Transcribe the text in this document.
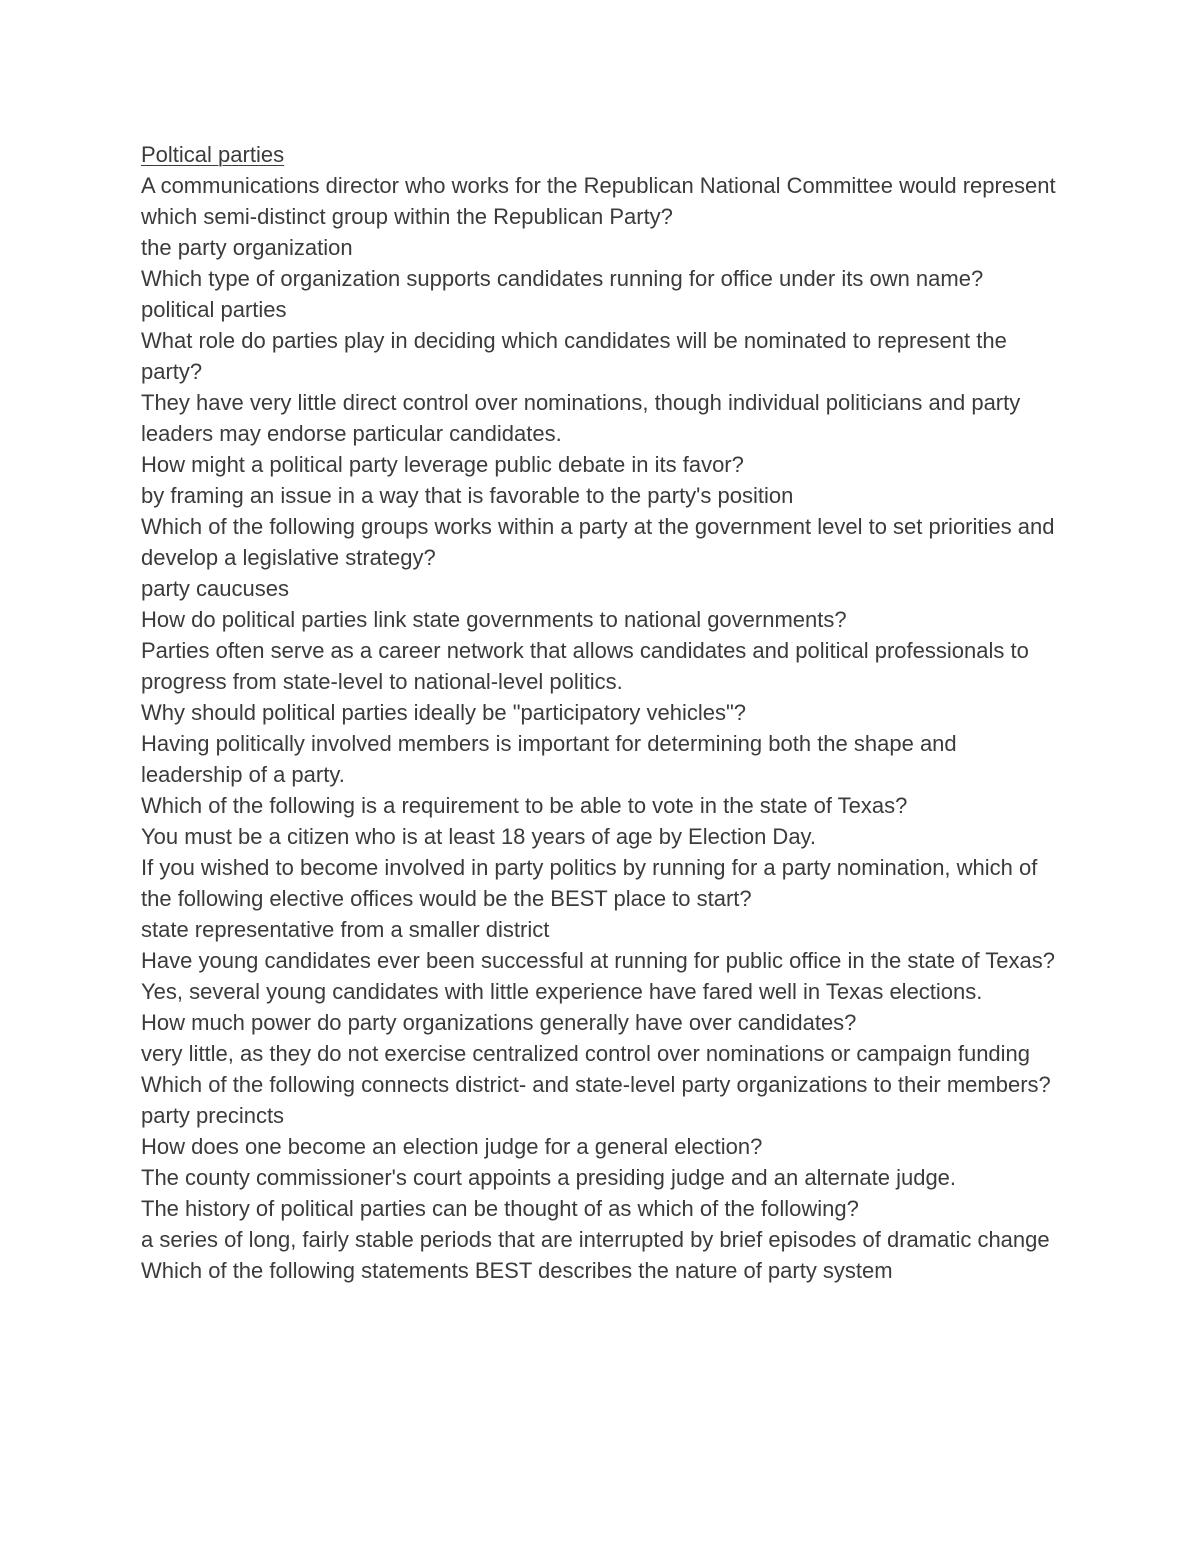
Poltical parties

A communications director who works for the Republican National Committee would represent which semi-distinct group within the Republican Party?

the party organization

Which type of organization supports candidates running for office under its own name?

political parties

What role do parties play in deciding which candidates will be nominated to represent the party?

They have very little direct control over nominations, though individual politicians and party leaders may endorse particular candidates.

How might a political party leverage public debate in its favor?

by framing an issue in a way that is favorable to the party's position

Which of the following groups works within a party at the government level to set priorities and develop a legislative strategy?

party caucuses

How do political parties link state governments to national governments?

Parties often serve as a career network that allows candidates and political professionals to progress from state-level to national-level politics.

Why should political parties ideally be "participatory vehicles"?

Having politically involved members is important for determining both the shape and leadership of a party.

Which of the following is a requirement to be able to vote in the state of Texas?

You must be a citizen who is at least 18 years of age by Election Day.

If you wished to become involved in party politics by running for a party nomination, which of the following elective offices would be the BEST place to start?

state representative from a smaller district

Have young candidates ever been successful at running for public office in the state of Texas?

Yes, several young candidates with little experience have fared well in Texas elections.

How much power do party organizations generally have over candidates?

very little, as they do not exercise centralized control over nominations or campaign funding

Which of the following connects district- and state-level party organizations to their members?

party precincts

How does one become an election judge for a general election?

The county commissioner's court appoints a presiding judge and an alternate judge.

The history of political parties can be thought of as which of the following?

a series of long, fairly stable periods that are interrupted by brief episodes of dramatic change

Which of the following statements BEST describes the nature of party system
